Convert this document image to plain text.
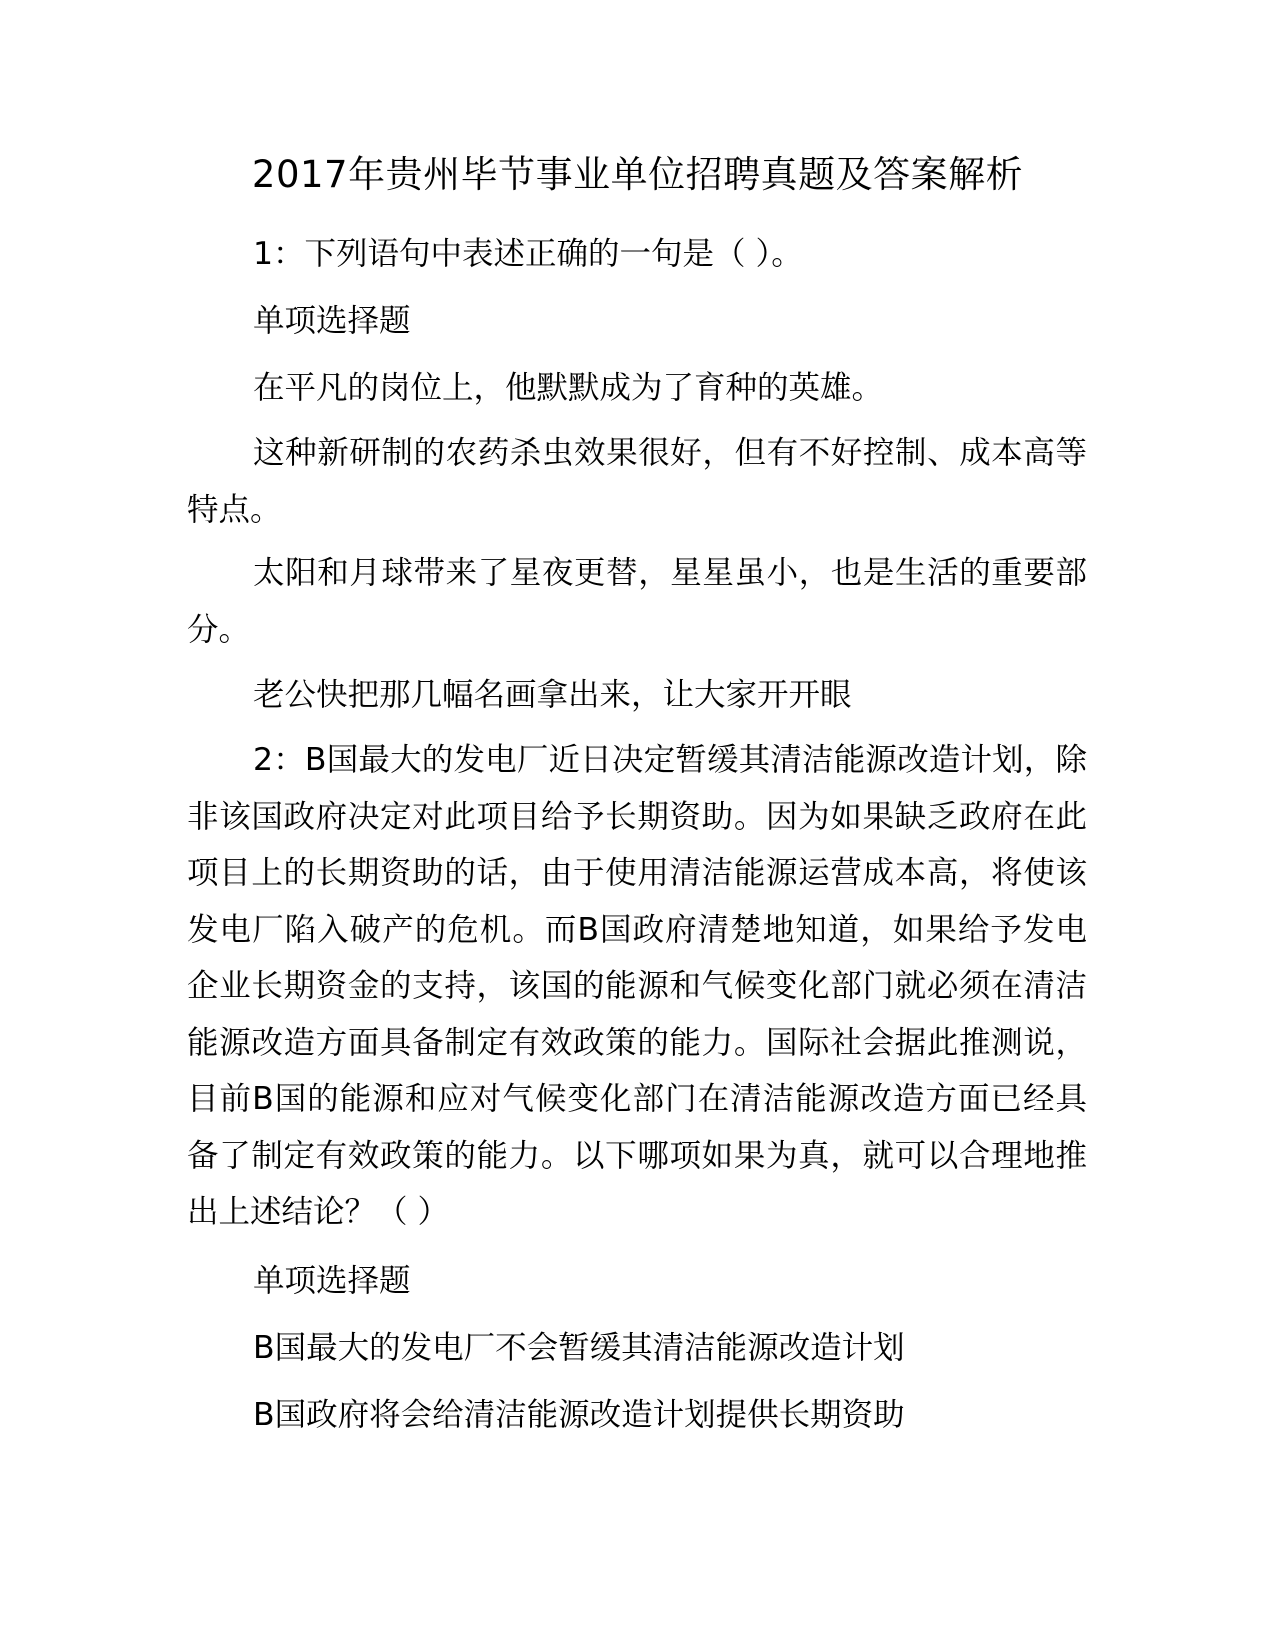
2017年贵州毕节事业单位招聘真题及答案解析

1：下列语句中表述正确的一句是（ ）。

单项选择题

在平凡的岗位上，他默默成为了育种的英雄。

这种新研制的农药杀虫效果很好，但有不好控制、成本高等特点。

太阳和月球带来了星夜更替，星星虽小，也是生活的重要部分。

老公快把那几幅名画拿出来，让大家开开眼

2：B国最大的发电厂近日决定暂缓其清洁能源改造计划，除非该国政府决定对此项目给予长期资助。因为如果缺乏政府在此项目上的长期资助的话，由于使用清洁能源运营成本高，将使该发电厂陷入破产的危机。而B国政府清楚地知道，如果给予发电企业长期资金的支持，该国的能源和气候变化部门就必须在清洁能源改造方面具备制定有效政策的能力。国际社会据此推测说，目前B国的能源和应对气候变化部门在清洁能源改造方面已经具备了制定有效政策的能力。以下哪项如果为真，就可以合理地推出上述结论？（ ）

单项选择题

B国最大的发电厂不会暂缓其清洁能源改造计划

B国政府将会给清洁能源改造计划提供长期资助
